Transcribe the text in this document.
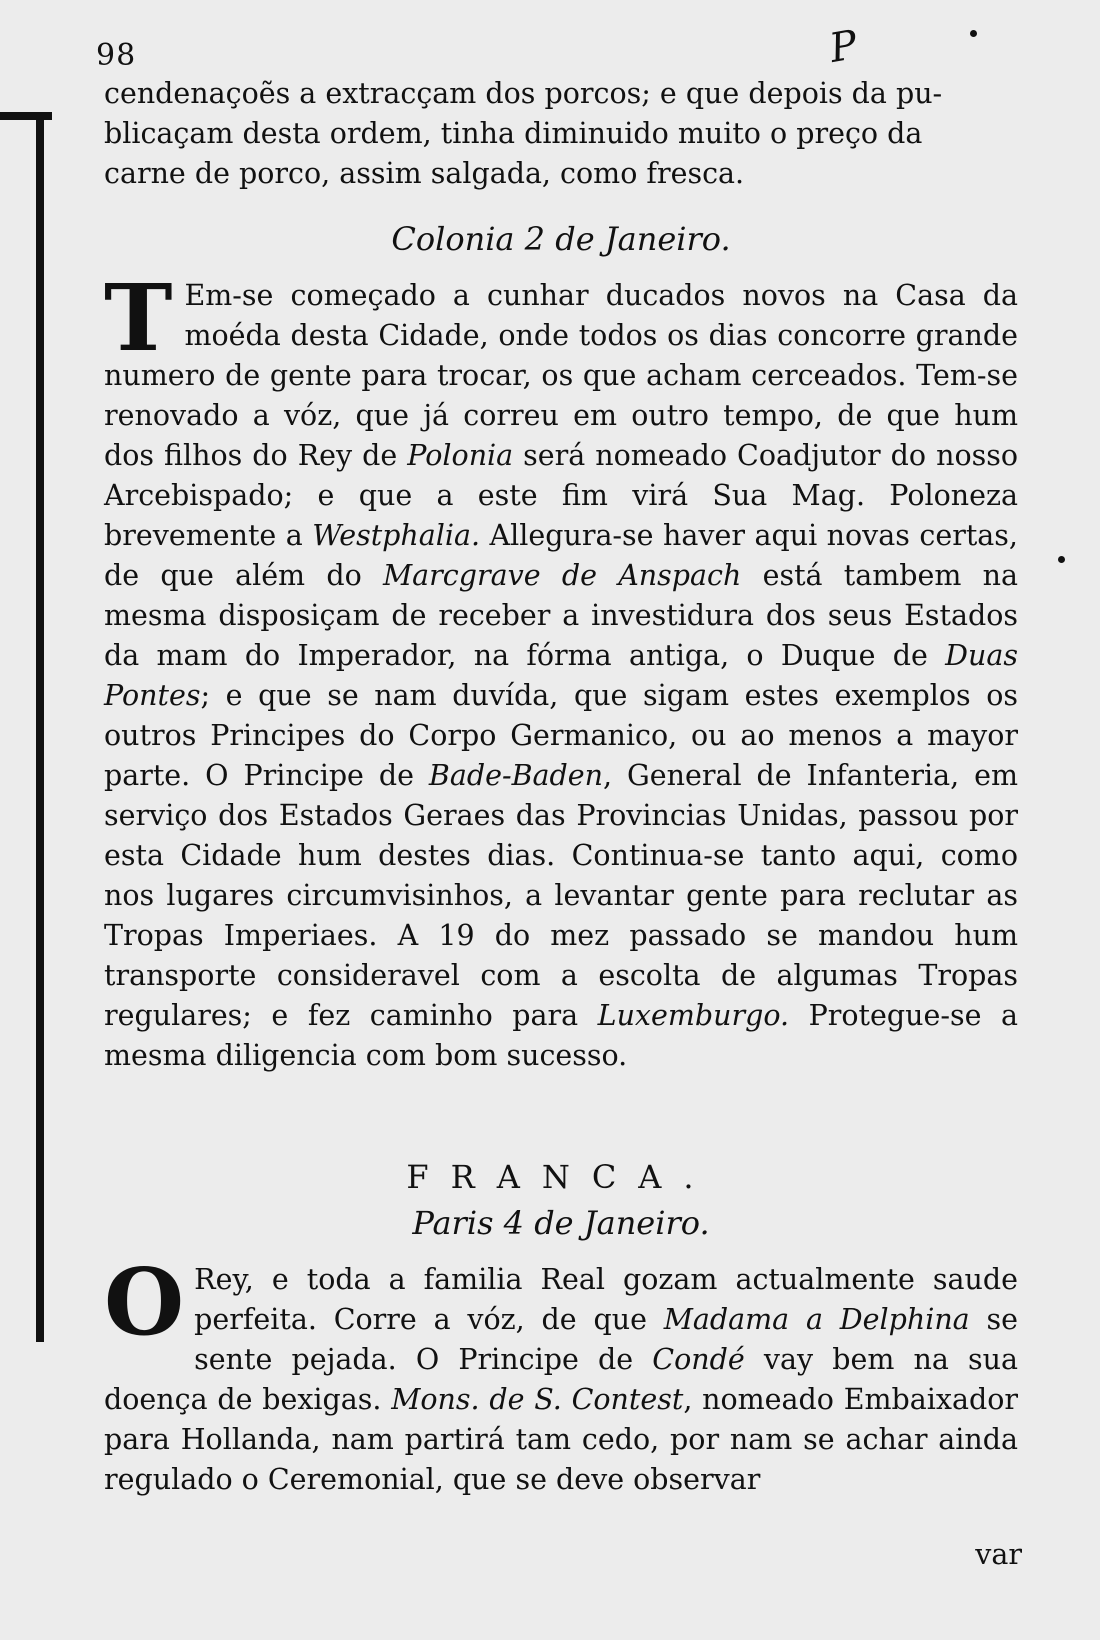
98	P

cendenaçoẽs a extracçam dos porcos; e que depois da pu-
blicaçam desta ordem, tinha diminuido muito o preço da
carne de porco, assim salgada, como fresca.

Colonia 2 de Janeiro.

T Em-se começado a cunhar ducados novos na Casa da moéda desta Cidade, onde todos os dias concorre grande numero de gente para trocar, os que acham cerceados. Tem-se renovado a vóz, que já correu em outro tempo, de que hum dos filhos do Rey de Polonia será nomeado Coadjutor do nosso Arcebispado; e que a este fim virá Sua Mag. Poloneza brevemente a Westphalia. Allegura-se haver aqui novas certas, de que além do Marcgrave de Anspach está tambem na mesma disposiçam de receber a investidura dos seus Estados da mam do Imperador, na fórma antiga, o Duque de Duas Pontes; e que se nam duvída, que sigam estes exemplos os outros Principes do Corpo Germanico, ou ao menos a mayor parte. O Principe de Bade-Baden, General de Infanteria, em serviço dos Estados Geraes das Provincias Unidas, passou por esta Cidade hum destes dias. Continua-se tanto aqui, como nos lugares circumvisinhos, a levantar gente para reclutar as Tropas Imperiaes. A 19 do mez passado se mandou hum transporte consideravel com a escolta de algumas Tropas regulares; e fez caminho para Luxemburgo. Protegue-se a mesma diligencia com bom sucesso.

FRANCA.
Paris 4 de Janeiro.

O Rey, e toda a familia Real gozam actualmente saude perfeita. Corre a vóz, de que Madama a Delphina se sente pejada. O Principe de Condé vay bem na sua doença de bexigas. Mons. de S. Contest, nomeado Embaixador para Hollanda, nam partirá tam cedo, por nam se achar ainda regulado o Ceremonial, que se deve observar

var
